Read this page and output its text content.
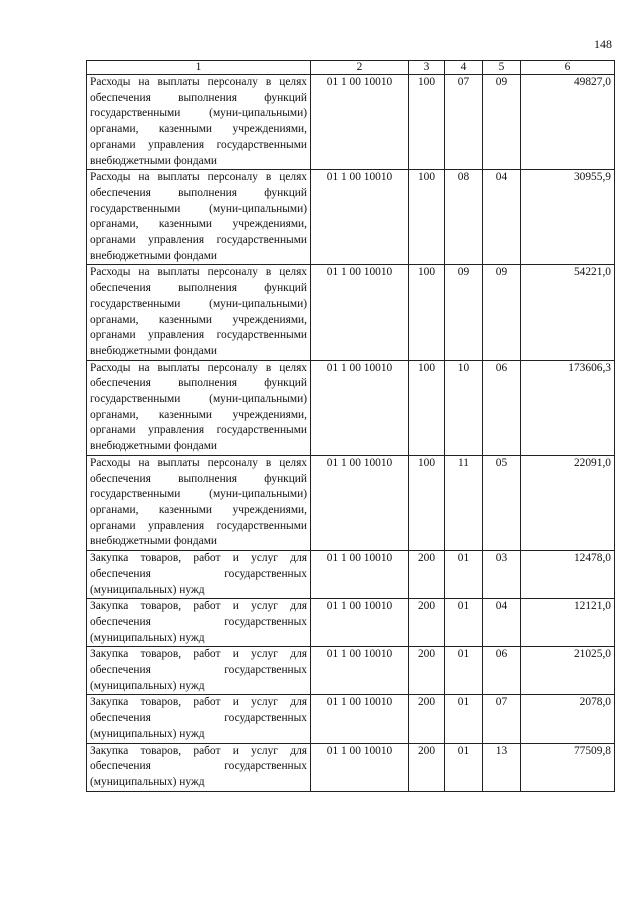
148
1	2	3	4	5	6
Расходы на выплаты персоналу в целях обеспечения выполнения функций государственными (муни-ципальными) органами, казенными учреждениями, органами управления государственными внебюджетными фондами	01 1 00 10010	100	07	09	49827,0
Расходы на выплаты персоналу в целях обеспечения выполнения функций государственными (муни-ципальными) органами, казенными учреждениями, органами управления государственными внебюджетными фондами	01 1 00 10010	100	08	04	30955,9
Расходы на выплаты персоналу в целях обеспечения выполнения функций государственными (муни-ципальными) органами, казенными учреждениями, органами управления государственными внебюджетными фондами	01 1 00 10010	100	09	09	54221,0
Расходы на выплаты персоналу в целях обеспечения выполнения функций государственными (муни-ципальными) органами, казенными учреждениями, органами управления государственными внебюджетными фондами	01 1 00 10010	100	10	06	173606,3
Расходы на выплаты персоналу в целях обеспечения выполнения функций государственными (муни-ципальными) органами, казенными учреждениями, органами управления государственными внебюджетными фондами	01 1 00 10010	100	11	05	22091,0
Закупка товаров, работ и услуг для обеспечения государственных (муниципальных) нужд	01 1 00 10010	200	01	03	12478,0
Закупка товаров, работ и услуг для обеспечения государственных (муниципальных) нужд	01 1 00 10010	200	01	04	12121,0
Закупка товаров, работ и услуг для обеспечения государственных (муниципальных) нужд	01 1 00 10010	200	01	06	21025,0
Закупка товаров, работ и услуг для обеспечения государственных (муниципальных) нужд	01 1 00 10010	200	01	07	2078,0
Закупка товаров, работ и услуг для обеспечения государственных (муниципальных) нужд	01 1 00 10010	200	01	13	77509,8
